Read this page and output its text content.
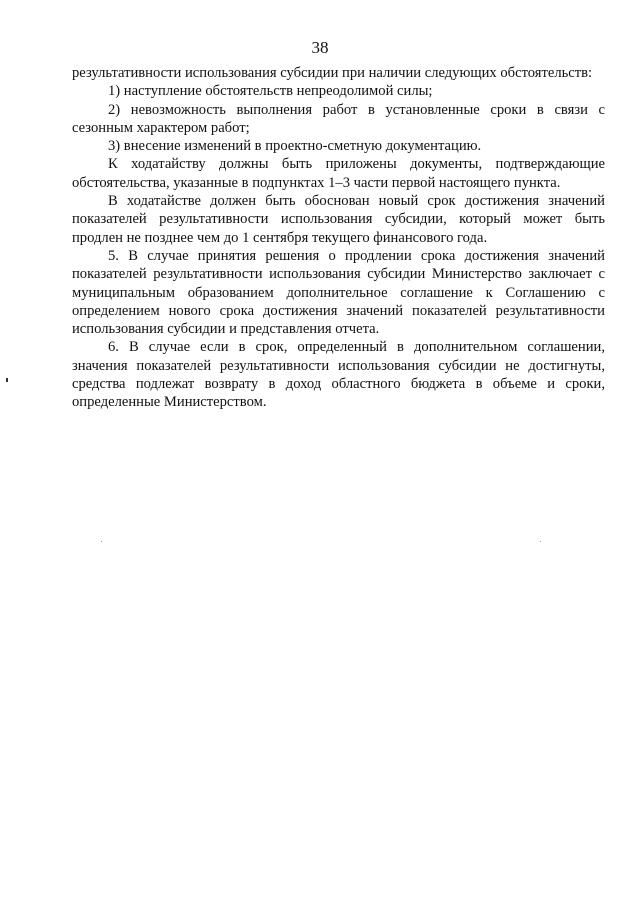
38

результативности использования субсидии при наличии следующих обстоятельств:

1) наступление обстоятельств непреодолимой силы;

2) невозможность выполнения работ в установленные сроки в связи с сезонным характером работ;

3) внесение изменений в проектно-сметную документацию.

К ходатайству должны быть приложены документы, подтверждающие обстоятельства, указанные в подпунктах 1–3 части первой настоящего пункта.

В ходатайстве должен быть обоснован новый срок достижения значений показателей результативности использования субсидии, который может быть продлен не позднее чем до 1 сентября текущего финансового года.

5. В случае принятия решения о продлении срока достижения значений показателей результативности использования субсидии Министерство заключает с муниципальным образованием дополнительное соглашение к Соглашению с определением нового срока достижения значений показателей результативности использования субсидии и представления отчета.

6. В случае если в срок, определенный в дополнительном соглашении, значения показателей результативности использования субсидии не достигнуты, средства подлежат возврату в доход областного бюджета в объеме и сроки, определенные Министерством.
